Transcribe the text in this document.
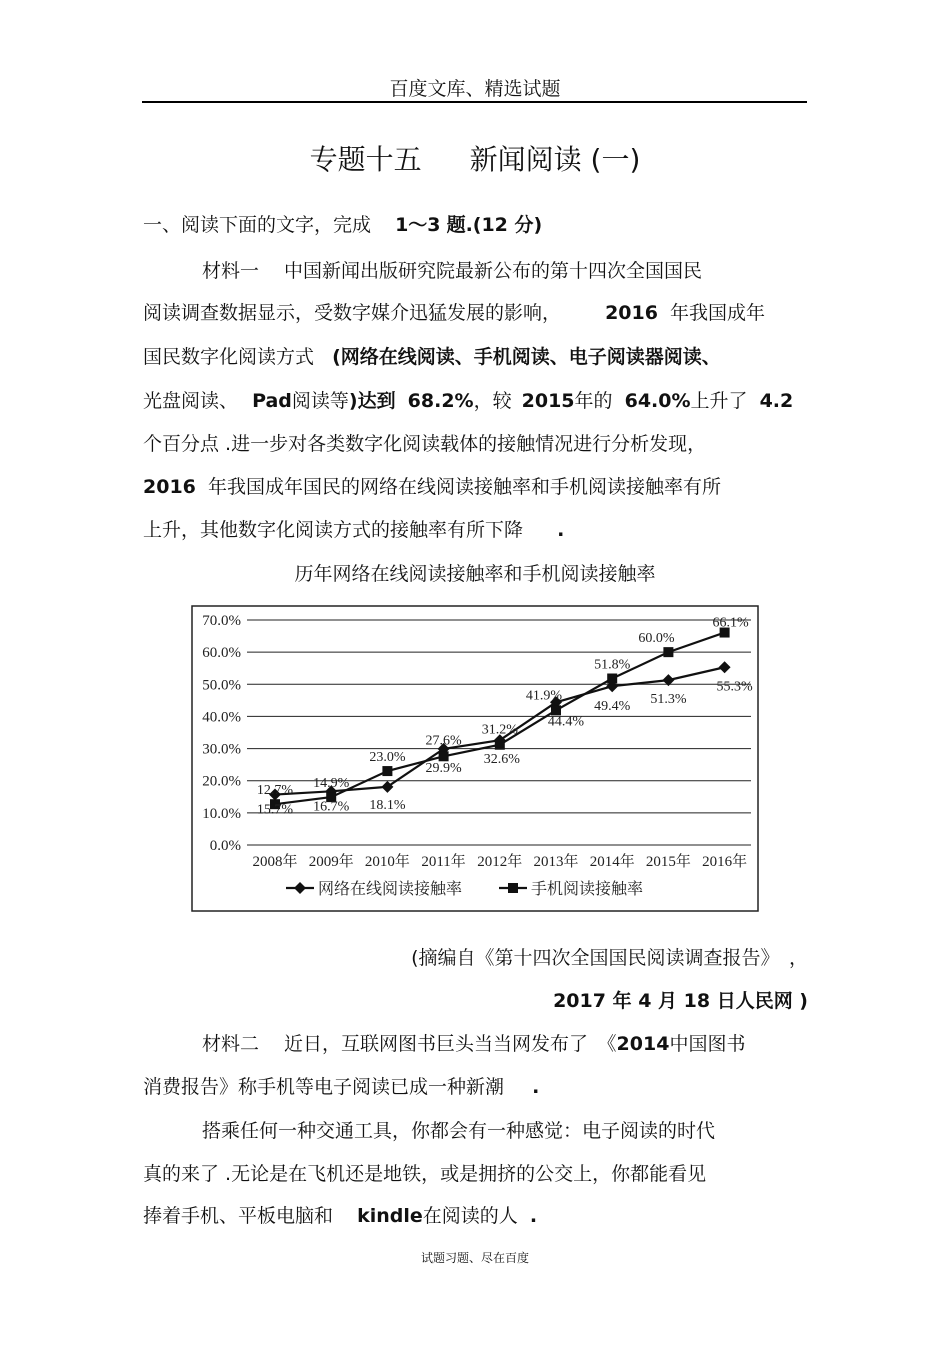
百度文库、精选试题
专题十五 新闻阅读 (一)
一、阅读下面的文字，完成 1～3 题.(12 分)
材料一　 中国新闻出版研究院最新公布的第十四次全国国民
阅读调查数据显示，受数字媒介迅猛发展的影响， 2016 年我国成年
国民数字化阅读方式 (网络在线阅读、手机阅读、电子阅读器阅读、
光盘阅读、 Pad阅读等)达到 68.2%，较 2015年的 64.0%上升了 4.2
个百分点 .进一步对各类数字化阅读载体的接触情况进行分析发现，
2016 年我国成年国民的网络在线阅读接触率和手机阅读接触率有所
上升，其他数字化阅读方式的接触率有所下降 .
历年网络在线阅读接触率和手机阅读接触率
70.0%
60.0%
50.0%
40.0%
30.0%
20.0%
10.0%
0.0%
2008年 2009年 2010年 2011年 2012年 2013年 2014年 2015年 2016年
15.7% 16.7% 18.1%
29.9%
32.6%
44.4%
49.4% 51.3%
55.3%
12.7% 14.9%
23.0%
27.6%
31.2%
41.9%
51.8%
60.0%
66.1%
网络在线阅读接触率	手机阅读接触率
(摘编自《第十四次全国国民阅读调查报告》　，
2017 年 4 月 18 日人民网 )
材料二　 近日，互联网图书巨头当当网发布了　《2014中国图书
消费报告》称手机等电子阅读已成一种新潮 .
搭乘任何一种交通工具，你都会有一种感觉：电子阅读的时代
真的来了 .无论是在飞机还是地铁，或是拥挤的公交上，你都能看见
捧着手机、平板电脑和 kindle在阅读的人 .
试题习题、尽在百度
